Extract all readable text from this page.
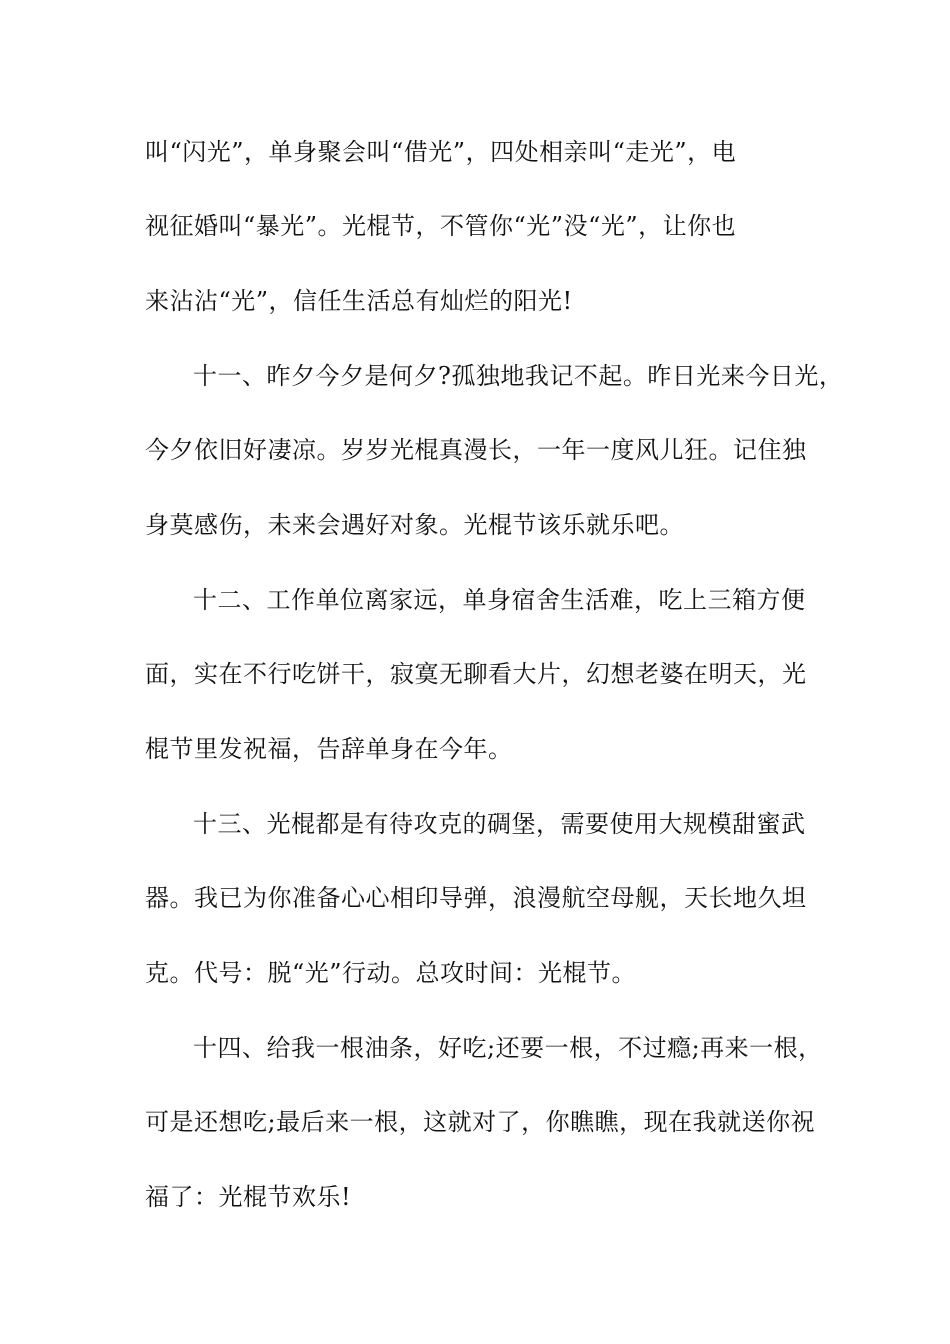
叫“闪光”，单身聚会叫“借光”，四处相亲叫“走光”，电
视征婚叫“暴光”。光棍节，不管你“光”没“光”，让你也
来沾沾“光”，信任生活总有灿烂的阳光!
十一、昨夕今夕是何夕?孤独地我记不起。昨日光来今日光，
今夕依旧好凄凉。岁岁光棍真漫长，一年一度风儿狂。记住独
身莫感伤，未来会遇好对象。光棍节该乐就乐吧。
十二、工作单位离家远，单身宿舍生活难，吃上三箱方便
面，实在不行吃饼干，寂寞无聊看大片，幻想老婆在明天，光
棍节里发祝福，告辞单身在今年。
十三、光棍都是有待攻克的碉堡，需要使用大规模甜蜜武
器。我已为你准备心心相印导弹，浪漫航空母舰，天长地久坦
克。代号：脱“光”行动。总攻时间：光棍节。
十四、给我一根油条，好吃;还要一根，不过瘾;再来一根，
可是还想吃;最后来一根，这就对了，你瞧瞧，现在我就送你祝
福了：光棍节欢乐!
